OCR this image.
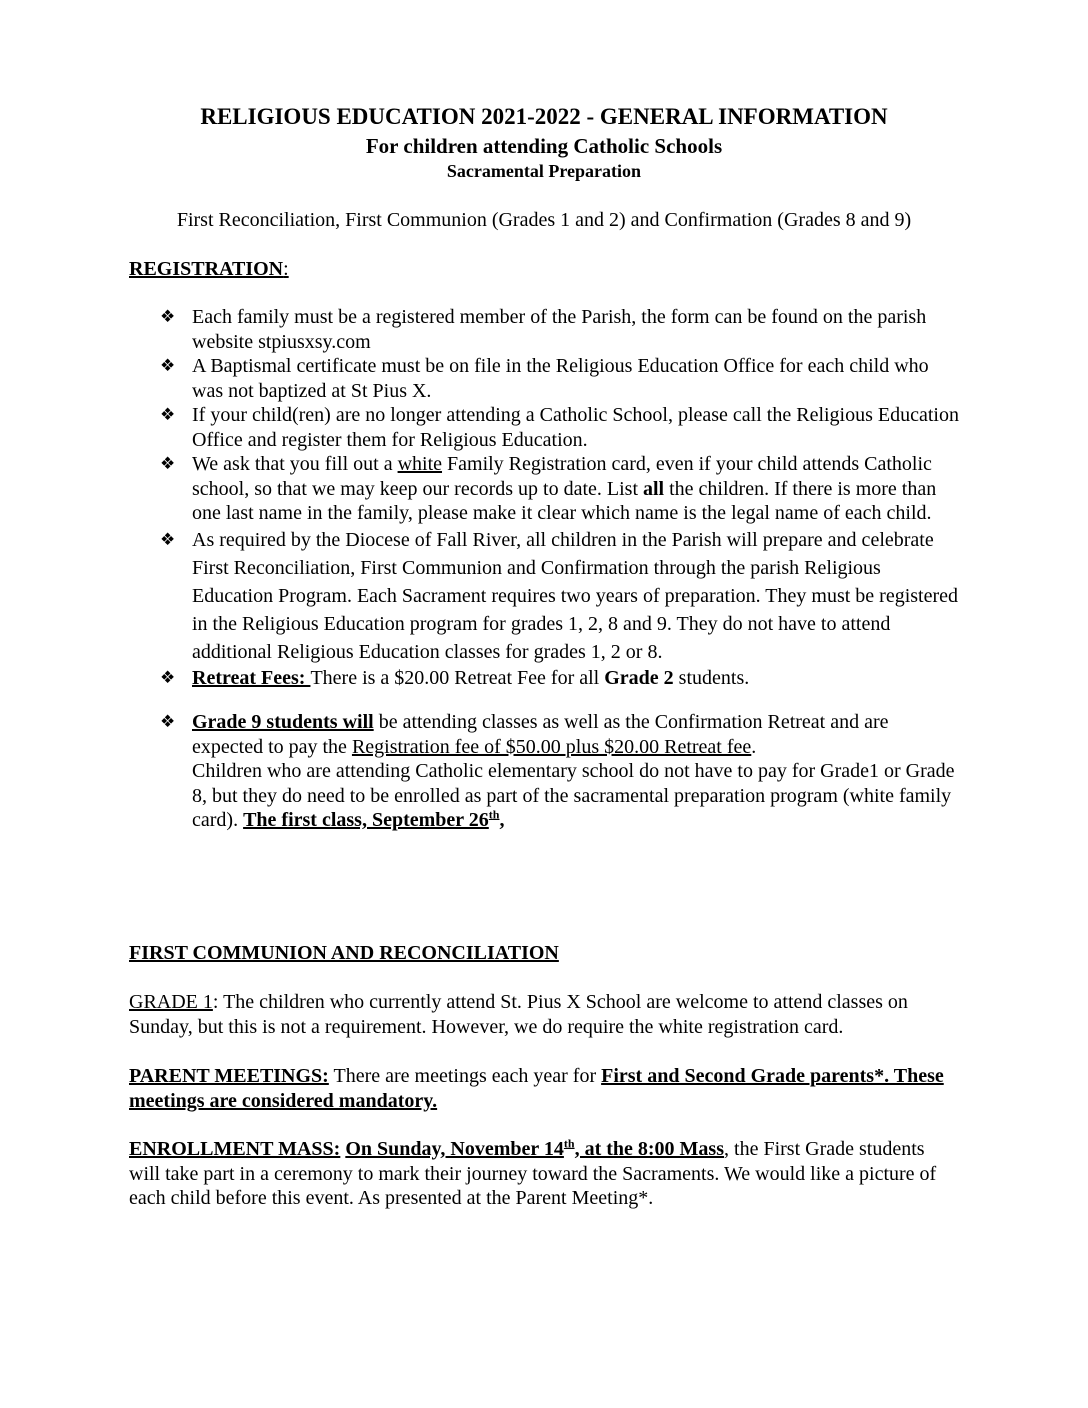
RELIGIOUS EDUCATION 2021-2022 - GENERAL INFORMATION
For children attending Catholic Schools
Sacramental Preparation
First Reconciliation, First Communion (Grades 1 and 2) and Confirmation (Grades 8 and 9)
REGISTRATION:
❖ Each family must be a registered member of the Parish, the form can be found on the parish website stpiusxsy.com
❖ A Baptismal certificate must be on file in the Religious Education Office for each child who was not baptized at St Pius X.
❖ If your child(ren) are no longer attending a Catholic School, please call the Religious Education Office and register them for Religious Education.
❖ We ask that you fill out a white Family Registration card, even if your child attends Catholic school, so that we may keep our records up to date. List all the children. If there is more than one last name in the family, please make it clear which name is the legal name of each child.
❖ As required by the Diocese of Fall River, all children in the Parish will prepare and celebrate First Reconciliation, First Communion and Confirmation through the parish Religious Education Program. Each Sacrament requires two years of preparation. They must be registered in the Religious Education program for grades 1, 2, 8 and 9. They do not have to attend additional Religious Education classes for grades 1, 2 or 8.
❖ Retreat Fees: There is a $20.00 Retreat Fee for all Grade 2 students.
❖ Grade 9 students will be attending classes as well as the Confirmation Retreat and are expected to pay the Registration fee of $50.00 plus $20.00 Retreat fee.
Children who are attending Catholic elementary school do not have to pay for Grade1 or Grade 8, but they do need to be enrolled as part of the sacramental preparation program (white family card). The first class, September 26th,
FIRST COMMUNION AND RECONCILIATION
GRADE 1: The children who currently attend St. Pius X School are welcome to attend classes on Sunday, but this is not a requirement. However, we do require the white registration card.
PARENT MEETINGS: There are meetings each year for First and Second Grade parents*. These meetings are considered mandatory.
ENROLLMENT MASS: On Sunday, November 14th, at the 8:00 Mass, the First Grade students will take part in a ceremony to mark their journey toward the Sacraments. We would like a picture of each child before this event. As presented at the Parent Meeting*.
